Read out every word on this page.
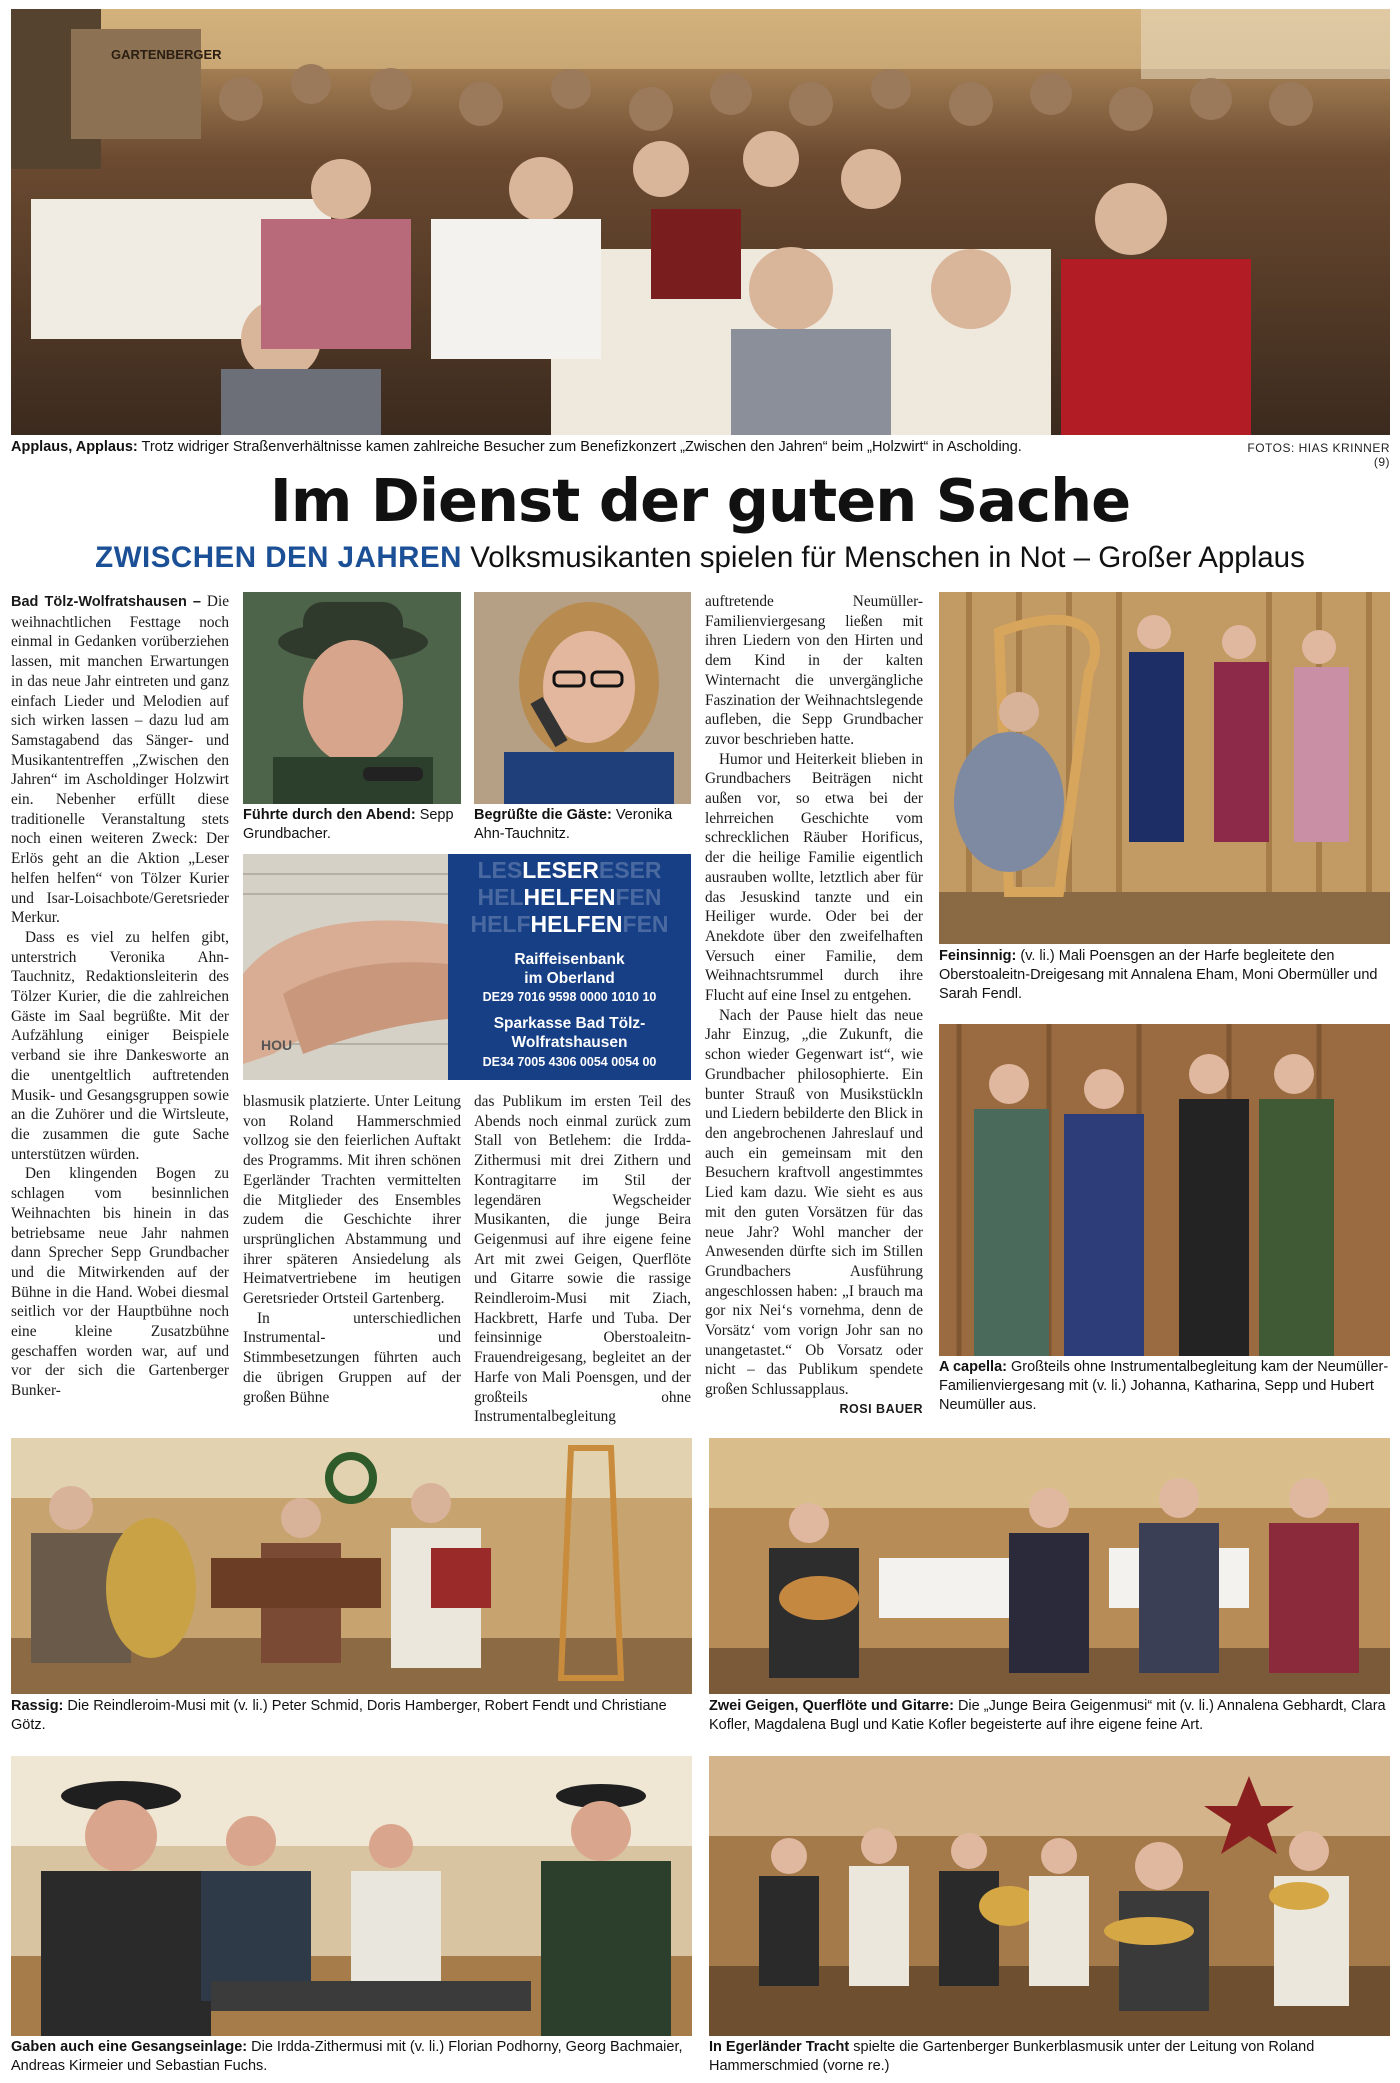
GARTENBERGER
Applaus, Applaus: Trotz widriger Straßenverhältnisse kamen zahlreiche Besucher zum Benefizkonzert „Zwischen den Jahren“ beim „Holzwirt“ in Ascholding.	FOTOS: HIAS KRINNER (9)
Im Dienst der guten Sache
ZWISCHEN DEN JAHREN Volksmusikanten spielen für Menschen in Not – Großer Applaus

Bad Tölz-Wolfratshausen – Die weihnachtlichen Festtage noch einmal in Gedanken vorüberziehen lassen, mit manchen Erwartungen in das neue Jahr eintreten und ganz einfach Lieder und Melodien auf sich wirken lassen – dazu lud am Samstagabend das Sänger- und Musikantentreffen „Zwischen den Jahren“ im Ascholdinger Holzwirt ein. Nebenher erfüllt diese traditionelle Veranstaltung stets noch einen weiteren Zweck: Der Erlös geht an die Aktion „Leser helfen helfen“ von Tölzer Kurier und Isar-Loisachbote/Geretsrieder Merkur.

Dass es viel zu helfen gibt, unterstrich Veronika Ahn-Tauchnitz, Redaktionsleiterin des Tölzer Kurier, die die zahlreichen Gäste im Saal begrüßte. Mit der Aufzählung einiger Beispiele verband sie ihre Dankesworte an die unentgeltlich auftretenden Musik- und Gesangsgruppen sowie an die Zuhörer und die Wirtsleute, die zusammen die gute Sache unterstützen würden.

Den klingenden Bogen zu schlagen vom besinnlichen Weihnachten bis hinein in das betriebsame neue Jahr nahmen dann Sprecher Sepp Grundbacher und die Mitwirkenden auf der Bühne in die Hand. Wobei diesmal seitlich vor der Hauptbühne noch eine kleine Zusatzbühne geschaffen worden war, auf und vor der sich die Gartenberger Bunker-

Führte durch den Abend: Sepp Grundbacher.
Begrüßte die Gäste: Veronika Ahn-Tauchnitz.
HOU
LESLESERESER
HELHELFENFEN
HELFHELFENFEN
Raiffeisenbank
im Oberland
DE29 7016 9598 0000 1010 10
Sparkasse Bad Tölz-
Wolfratshausen
DE34 7005 4306 0054 0054 00

blasmusik platzierte. Unter Leitung von Roland Hammerschmied vollzog sie den feierlichen Auftakt des Programms. Mit ihren schönen Egerländer Trachten vermittelten die Mitglieder des Ensembles zudem die Geschichte ihrer ursprünglichen Abstammung und ihrer späteren Ansiedelung als Heimatvertriebene im heutigen Geretsrieder Ortsteil Gartenberg.

In unterschiedlichen Instrumental- und Stimmbesetzungen führten auch die übrigen Gruppen auf der großen Bühne

das Publikum im ersten Teil des Abends noch einmal zurück zum Stall von Betlehem: die Irdda-Zithermusi mit drei Zithern und Kontragitarre im Stil der legendären Wegscheider Musikanten, die junge Beira Geigenmusi auf ihre eigene feine Art mit zwei Geigen, Querflöte und Gitarre sowie die rassige Reindleroim-Musi mit Ziach, Hackbrett, Harfe und Tuba. Der feinsinnige Oberstoaleitn-Frauendreigesang, begleitet an der Harfe von Mali Poensgen, und der großteils ohne Instrumentalbegleitung

auftretende Neumüller-Familienviergesang ließen mit ihren Liedern von den Hirten und dem Kind in der kalten Winternacht die unvergängliche Faszination der Weihnachtslegende aufleben, die Sepp Grundbacher zuvor beschrieben hatte.

Humor und Heiterkeit blieben in Grundbachers Beiträgen nicht außen vor, so etwa bei der lehrreichen Geschichte vom schrecklichen Räuber Horificus, der die heilige Familie eigentlich ausrauben wollte, letztlich aber für das Jesuskind tanzte und ein Heiliger wurde. Oder bei der Anekdote über den zweifelhaften Versuch einer Familie, dem Weihnachtsrummel durch ihre Flucht auf eine Insel zu entgehen.

Nach der Pause hielt das neue Jahr Einzug, „die Zukunft, die schon wieder Gegenwart ist“, wie Grundbacher philosophierte. Ein bunter Strauß von Musikstückln und Liedern bebilderte den Blick in den angebrochenen Jahreslauf und auch ein gemeinsam mit den Besuchern kraftvoll angestimmtes Lied kam dazu. Wie sieht es aus mit den guten Vorsätzen für das neue Jahr? Wohl mancher der Anwesenden dürfte sich im Stillen Grundbachers Ausführung angeschlossen haben: „I brauch ma gor nix Nei‘s vornehma, denn de Vorsätz‘ vom vorign Johr san no unangetastet.“ Ob Vorsatz oder nicht – das Publikum spendete großen Schlussapplaus.
ROSI BAUER

Feinsinnig: (v. li.) Mali Poensgen an der Harfe begleitete den Oberstoaleitn-Dreigesang mit Annalena Eham, Moni Obermüller und Sarah Fendl.
A capella: Großteils ohne Instrumentalbegleitung kam der Neumüller-Familienviergesang mit (v. li.) Johanna, Katharina, Sepp und Hubert Neumüller aus.
Rassig: Die Reindleroim-Musi mit (v. li.) Peter Schmid, Doris Hamberger, Robert Fendt und Christiane Götz.
Zwei Geigen, Querflöte und Gitarre: Die „Junge Beira Geigenmusi“ mit (v. li.) Annalena Gebhardt, Clara Kofler, Magdalena Bugl und Katie Kofler begeisterte auf ihre eigene feine Art.
Gaben auch eine Gesangseinlage: Die Irdda-Zithermusi mit (v. li.) Florian Podhorny, Georg Bachmaier, Andreas Kirmeier und Sebastian Fuchs.
In Egerländer Tracht spielte die Gartenberger Bunkerblasmusik unter der Leitung von Roland Hammerschmied (vorne re.)
